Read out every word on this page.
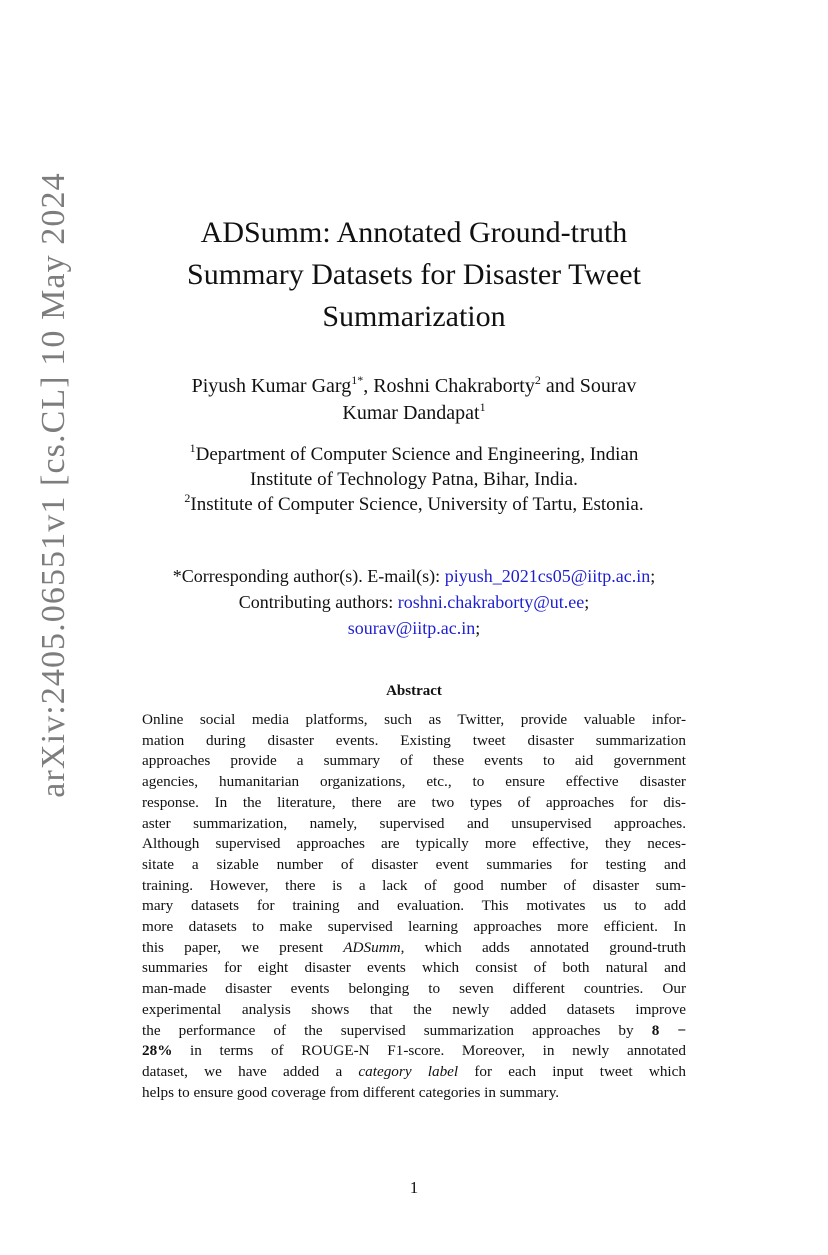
arXiv:2405.06551v1 [cs.CL] 10 May 2024	ADSumm: Annotated Ground-truth
Summary Datasets for Disaster Tweet
Summarization
Piyush Kumar Garg$^{1*}$, Roshni Chakraborty$^2$ and Sourav
Kumar Dandapat$^1$
$^1$Department of Computer Science and Engineering, Indian
Institute of Technology Patna, Bihar, India.
$^2$Institute of Computer Science, University of Tartu, Estonia.
*Corresponding author(s). E-mail(s): piyush_2021cs05@iitp.ac.in;
Contributing authors: roshni.chakraborty@ut.ee;
sourav@iitp.ac.in;
Abstract
Online social media platforms, such as Twitter, provide valuable infor-
mation during disaster events. Existing tweet disaster summarization
approaches provide a summary of these events to aid government
agencies, humanitarian organizations, etc., to ensure effective disaster
response. In the literature, there are two types of approaches for dis-
aster summarization, namely, supervised and unsupervised approaches.
Although supervised approaches are typically more effective, they neces-
sitate a sizable number of disaster event summaries for testing and
training. However, there is a lack of good number of disaster sum-
mary datasets for training and evaluation. This motivates us to add
more datasets to make supervised learning approaches more efficient. In
this paper, we present ADSumm, which adds annotated ground-truth
summaries for eight disaster events which consist of both natural and
man-made disaster events belonging to seven different countries. Our
experimental analysis shows that the newly added datasets improve
the performance of the supervised summarization approaches by 8 −
28% in terms of ROUGE-N F1-score. Moreover, in newly annotated
dataset, we have added a category label for each input tweet which
helps to ensure good coverage from different categories in summary.
1
